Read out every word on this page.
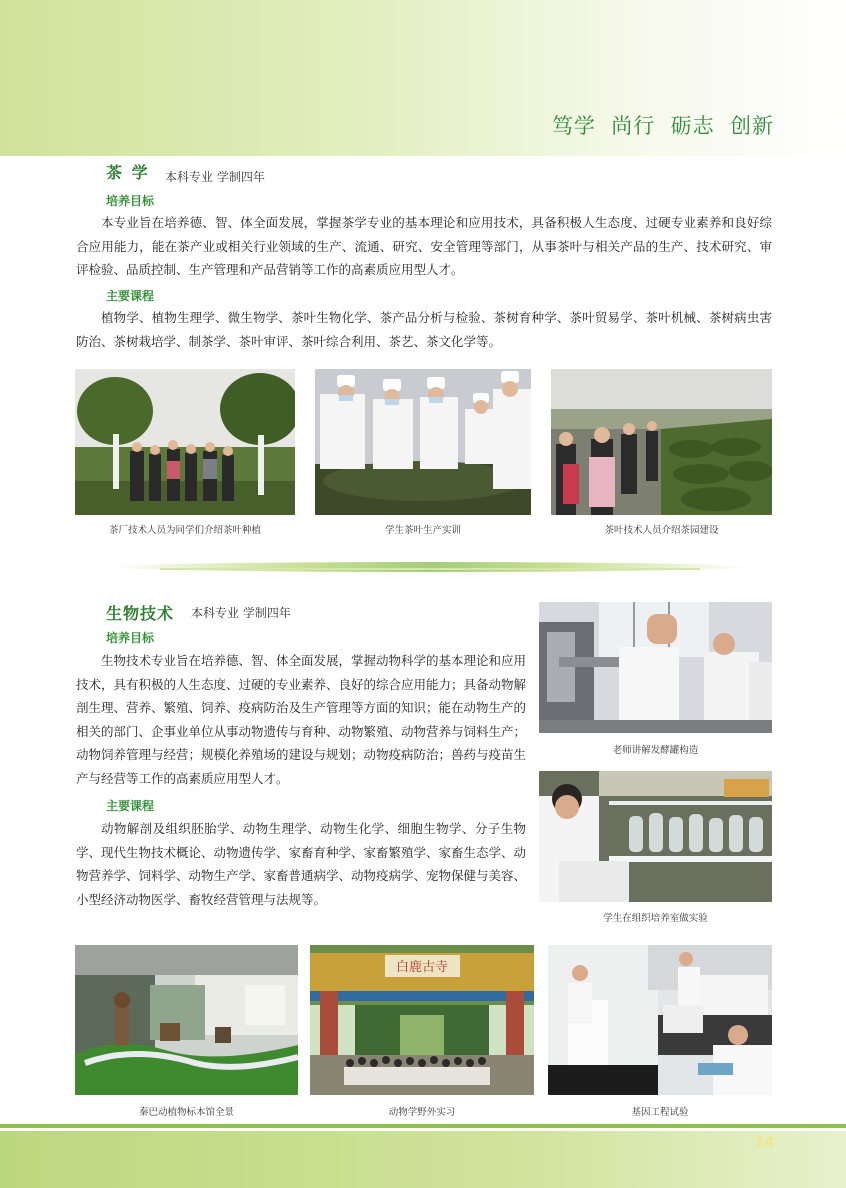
笃学  尚行  砺志  创新
茶 学 本科专业 学制四年
培养目标

本专业旨在培养德、智、体全面发展，掌握茶学专业的基本理论和应用技术，具备积极人生态度、过硬专业素养和良好综合应用能力，能在茶产业或相关行业领域的生产、流通、研究、安全管理等部门，从事茶叶与相关产品的生产、技术研究、审评检验、品质控制、生产管理和产品营销等工作的高素质应用型人才。

主要课程

植物学、植物生理学、微生物学、茶叶生物化学、茶产品分析与检验、茶树育种学、茶叶贸易学、茶叶机械、茶树病虫害防治、茶树栽培学、制茶学、茶叶审评、茶叶综合利用、茶艺、茶文化学等。

茶厂技术人员为同学们介绍茶叶种植	学生茶叶生产实训	茶叶技术人员介绍茶园建设
生物技术 本科专业 学制四年
培养目标

生物技术专业旨在培养德、智、体全面发展，掌握动物科学的基本理论和应用技术，具有积极的人生态度、过硬的专业素养、良好的综合应用能力；具备动物解剖生理、营养、繁殖、饲养、疫病防治及生产管理等方面的知识；能在动物生产的相关的部门、企事业单位从事动物遗传与育种、动物繁殖、动物营养与饲料生产；动物饲养管理与经营；规模化养殖场的建设与规划；动物疫病防治；兽药与疫苗生产与经营等工作的高素质应用型人才。

主要课程

动物解剖及组织胚胎学、动物生理学、动物生化学、细胞生物学、分子生物学、现代生物技术概论、动物遗传学、家畜育种学、家畜繁殖学、家畜生态学、动物营养学、饲料学、动物生产学、家畜普通病学、动物疫病学、宠物保健与美容、小型经济动物医学、畜牧经营管理与法规等。

老师讲解发酵罐构造
学生在组织培养室做实验
秦巴动植物标本馆全景
白鹿古寺
动物学野外实习	基因工程试验
14
